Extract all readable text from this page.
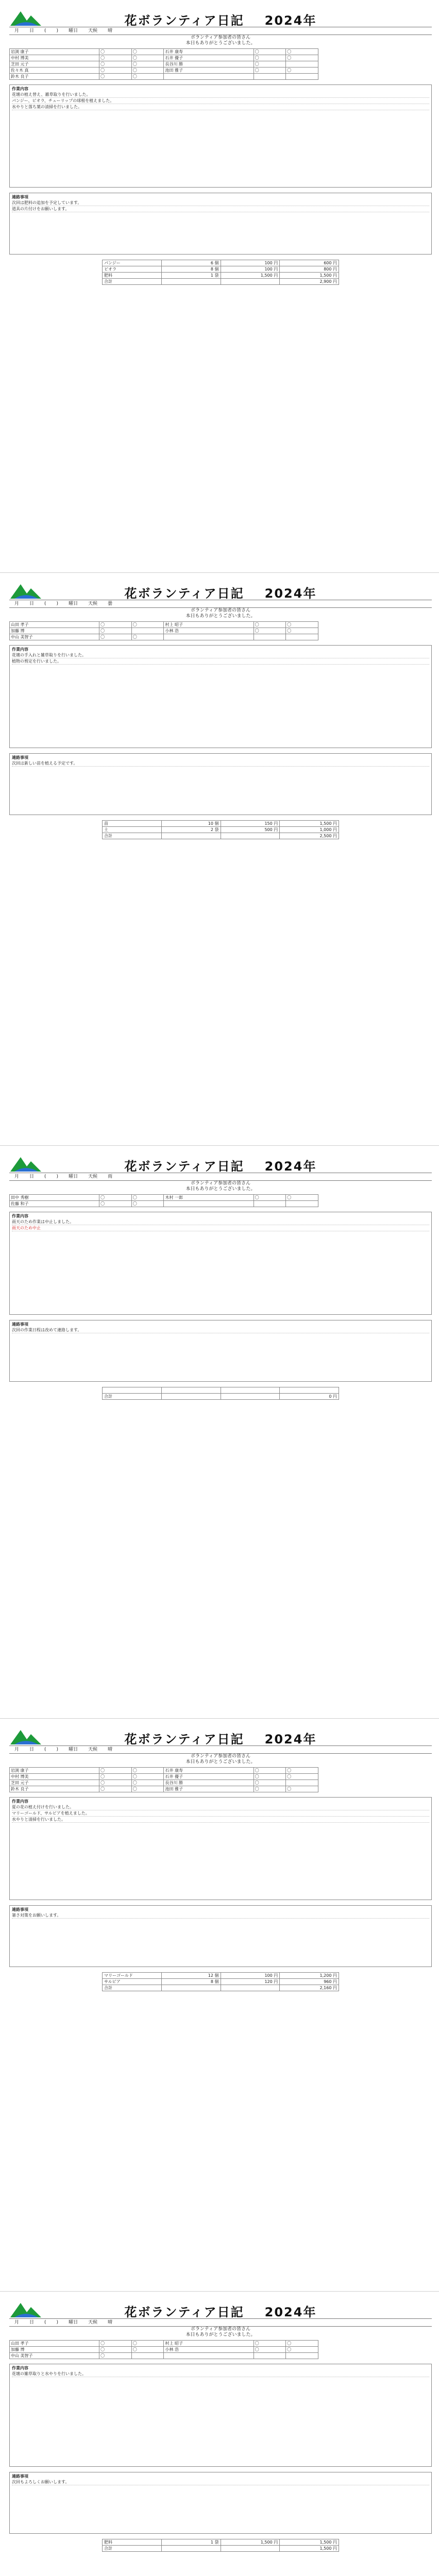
花ボランティア日記 2024年
月	日	(	)	曜日	天候	晴
ボランティア参加者の皆さん
本日もありがとうございました。
岩渕 康子	〇	〇	石井 康寿	〇	〇
中村 博美	〇	〇	石井 優子	〇	〇
芝田 元子	〇	〇	長谷川 勝	〇	
佐々木 真	〇	〇	池田 雅子	〇	〇
鈴木 良子	〇	〇			
作業内容
花壇の植え替え、雑草取りを行いました。
パンジー、ビオラ、チューリップの球根を植えました。
水やりと落ち葉の清掃を行いました。
連絡事項
次回は肥料の追加を予定しています。
道具の片付けをお願いします。
パンジー	6 個	100 円	600 円
ビオラ	8 個	100 円	800 円
肥料	1 袋	1,500 円	1,500 円
合計			2,900 円
花ボランティア日記 2024年
月	日	(	)	曜日	天候	曇
ボランティア参加者の皆さん
本日もありがとうございました。
山田 孝子	〇	〇	村上 昭子	〇	〇
加藤 博	〇		小林 浩	〇	〇
中山 美智子	〇	〇			
作業内容
花壇の手入れと雑草取りを行いました。
植物の剪定を行いました。
連絡事項
次回は新しい苗を植える予定です。
苗	10 個	150 円	1,500 円
土	2 袋	500 円	1,000 円
合計			2,500 円
花ボランティア日記 2024年
月	日	(	)	曜日	天候	雨
ボランティア参加者の皆さん
本日もありがとうございました。
田中 秀樹	〇	〇	木村 一郎	〇	〇
佐藤 和子	〇	〇			
作業内容
雨天のため作業は中止しました。
雨天のため中止
連絡事項
次回の作業日程は改めて連絡します。

合計			0 円
花ボランティア日記 2024年
月	日	(	)	曜日	天候	晴
ボランティア参加者の皆さん
本日もありがとうございました。
岩渕 康子	〇	〇	石井 康寿	〇	〇
中村 博美	〇	〇	石井 優子	〇	〇
芝田 元子	〇	〇	長谷川 勝	〇	
鈴木 良子	〇	〇	池田 雅子	〇	〇
作業内容
夏の花の植え付けを行いました。
マリーゴールド、サルビアを植えました。
水やりと清掃を行いました。
連絡事項
暑さ対策をお願いします。
マリーゴールド	12 個	100 円	1,200 円
サルビア	8 個	120 円	960 円
合計			2,160 円
花ボランティア日記 2024年
月	日	(	)	曜日	天候	晴
ボランティア参加者の皆さん
本日もありがとうございました。
山田 孝子	〇	〇	村上 昭子	〇	〇
加藤 博	〇	〇	小林 浩	〇	〇
中山 美智子	〇				
作業内容
花壇の雑草取りと水やりを行いました。
連絡事項
次回もよろしくお願いします。
肥料	1 袋	1,500 円	1,500 円
合計			1,500 円
